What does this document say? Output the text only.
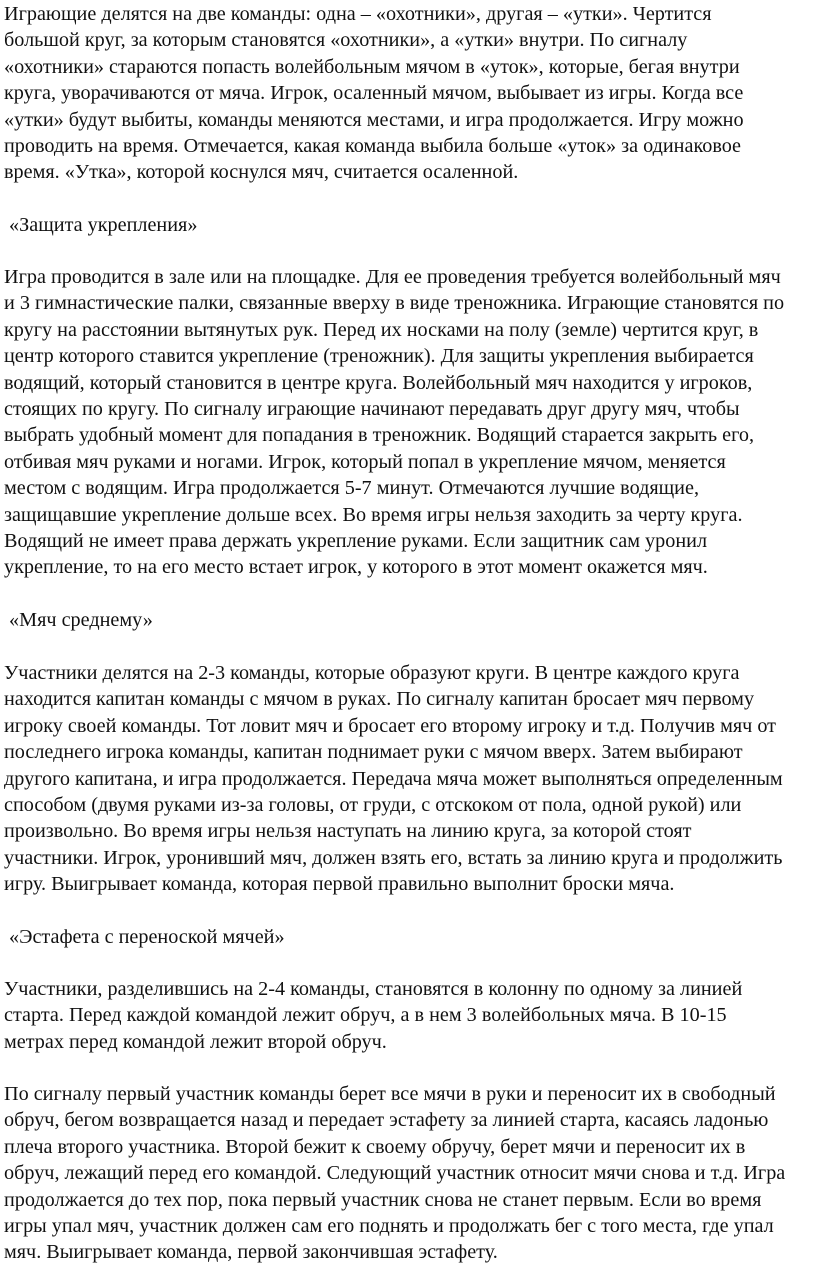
Играющие делятся на две команды: одна – «охотники», другая – «утки». Чертится
большой круг, за которым становятся «охотники», а «утки» внутри. По сигналу
«охотники» стараются попасть волейбольным мячом в «уток», которые, бегая внутри
круга, уворачиваются от мяча. Игрок, осаленный мячом, выбывает из игры. Когда все
«утки» будут выбиты, команды меняются местами, и игра продолжается. Игру можно
проводить на время. Отмечается, какая команда выбила больше «уток» за одинаковое
время. «Утка», которой коснулся мяч, считается осаленной.
«Защита укрепления»
Игра проводится в зале или на площадке. Для ее проведения требуется волейбольный мяч
и 3 гимнастические палки, связанные вверху в виде треножника. Играющие становятся по
кругу на расстоянии вытянутых рук. Перед их носками на полу (земле) чертится круг, в
центр которого ставится укрепление (треножник). Для защиты укрепления выбирается
водящий, который становится в центре круга. Волейбольный мяч находится у игроков,
стоящих по кругу. По сигналу играющие начинают передавать друг другу мяч, чтобы
выбрать удобный момент для попадания в треножник. Водящий старается закрыть его,
отбивая мяч руками и ногами. Игрок, который попал в укрепление мячом, меняется
местом с водящим. Игра продолжается 5-7 минут. Отмечаются лучшие водящие,
защищавшие укрепление дольше всех. Во время игры нельзя заходить за черту круга.
Водящий не имеет права держать укрепление руками. Если защитник сам уронил
укрепление, то на его место встает игрок, у которого в этот момент окажется мяч.
«Мяч среднему»
Участники делятся на 2-3 команды, которые образуют круги. В центре каждого круга
находится капитан команды с мячом в руках. По сигналу капитан бросает мяч первому
игроку своей команды. Тот ловит мяч и бросает его второму игроку и т.д. Получив мяч от
последнего игрока команды, капитан поднимает руки с мячом вверх. Затем выбирают
другого капитана, и игра продолжается. Передача мяча может выполняться определенным
способом (двумя руками из-за головы, от груди, с отскоком от пола, одной рукой) или
произвольно. Во время игры нельзя наступать на линию круга, за которой стоят
участники. Игрок, уронивший мяч, должен взять его, встать за линию круга и продолжить
игру. Выигрывает команда, которая первой правильно выполнит броски мяча.
«Эстафета с переноской мячей»
Участники, разделившись на 2-4 команды, становятся в колонну по одному за линией
старта. Перед каждой командой лежит обруч, а в нем 3 волейбольных мяча. В 10-15
метрах перед командой лежит второй обруч.
По сигналу первый участник команды берет все мячи в руки и переносит их в свободный
обруч, бегом возвращается назад и передает эстафету за линией старта, касаясь ладонью
плеча второго участника. Второй бежит к своему обручу, берет мячи и переносит их в
обруч, лежащий перед его командой. Следующий участник относит мячи снова и т.д. Игра
продолжается до тех пор, пока первый участник снова не станет первым. Если во время
игры упал мяч, участник должен сам его поднять и продолжать бег с того места, где упал
мяч. Выигрывает команда, первой закончившая эстафету.
